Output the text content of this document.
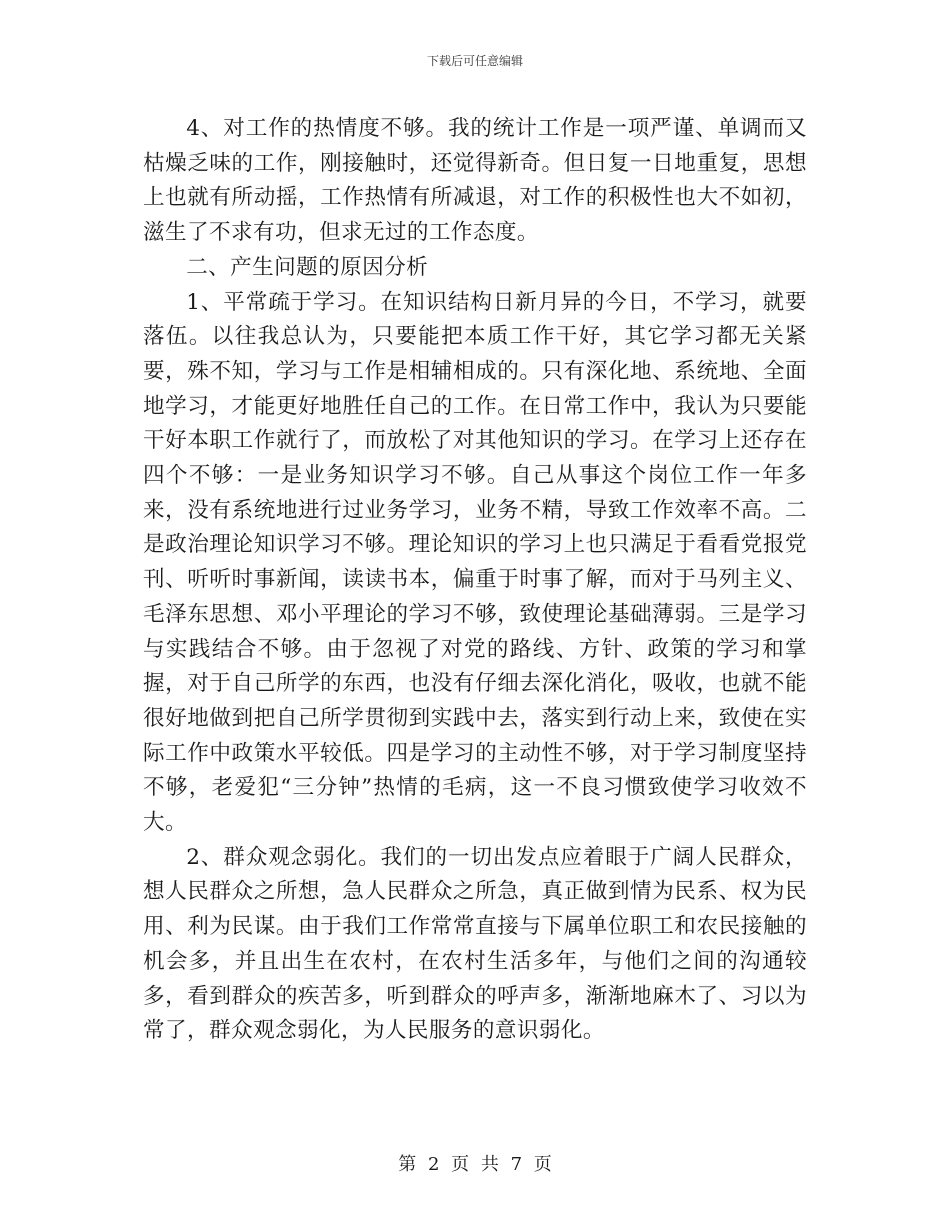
下载后可任意编辑

4、对工作的热情度不够。我的统计工作是一项严谨、单调而又枯燥乏味的工作，刚接触时，还觉得新奇。但日复一日地重复，思想上也就有所动摇，工作热情有所减退，对工作的积极性也大不如初，滋生了不求有功，但求无过的工作态度。

二、产生问题的原因分析

1、平常疏于学习。在知识结构日新月异的今日，不学习，就要落伍。以往我总认为，只要能把本质工作干好，其它学习都无关紧要，殊不知，学习与工作是相辅相成的。只有深化地、系统地、全面地学习，才能更好地胜任自己的工作。在日常工作中，我认为只要能干好本职工作就行了，而放松了对其他知识的学习。在学习上还存在四个不够：一是业务知识学习不够。自己从事这个岗位工作一年多来，没有系统地进行过业务学习，业务不精，导致工作效率不高。二是政治理论知识学习不够。理论知识的学习上也只满足于看看党报党刊、听听时事新闻，读读书本，偏重于时事了解，而对于马列主义、毛泽东思想、邓小平理论的学习不够，致使理论基础薄弱。三是学习与实践结合不够。由于忽视了对党的路线、方针、政策的学习和掌握，对于自己所学的东西，也没有仔细去深化消化，吸收，也就不能很好地做到把自己所学贯彻到实践中去，落实到行动上来，致使在实际工作中政策水平较低。四是学习的主动性不够，对于学习制度坚持不够，老爱犯“三分钟”热情的毛病，这一不良习惯致使学习收效不大。

2、群众观念弱化。我们的一切出发点应着眼于广阔人民群众，想人民群众之所想，急人民群众之所急，真正做到情为民系、权为民用、利为民谋。由于我们工作常常直接与下属单位职工和农民接触的机会多，并且出生在农村，在农村生活多年，与他们之间的沟通较多，看到群众的疾苦多，听到群众的呼声多，渐渐地麻木了、习以为常了，群众观念弱化，为人民服务的意识弱化。

第 2 页 共 7 页
